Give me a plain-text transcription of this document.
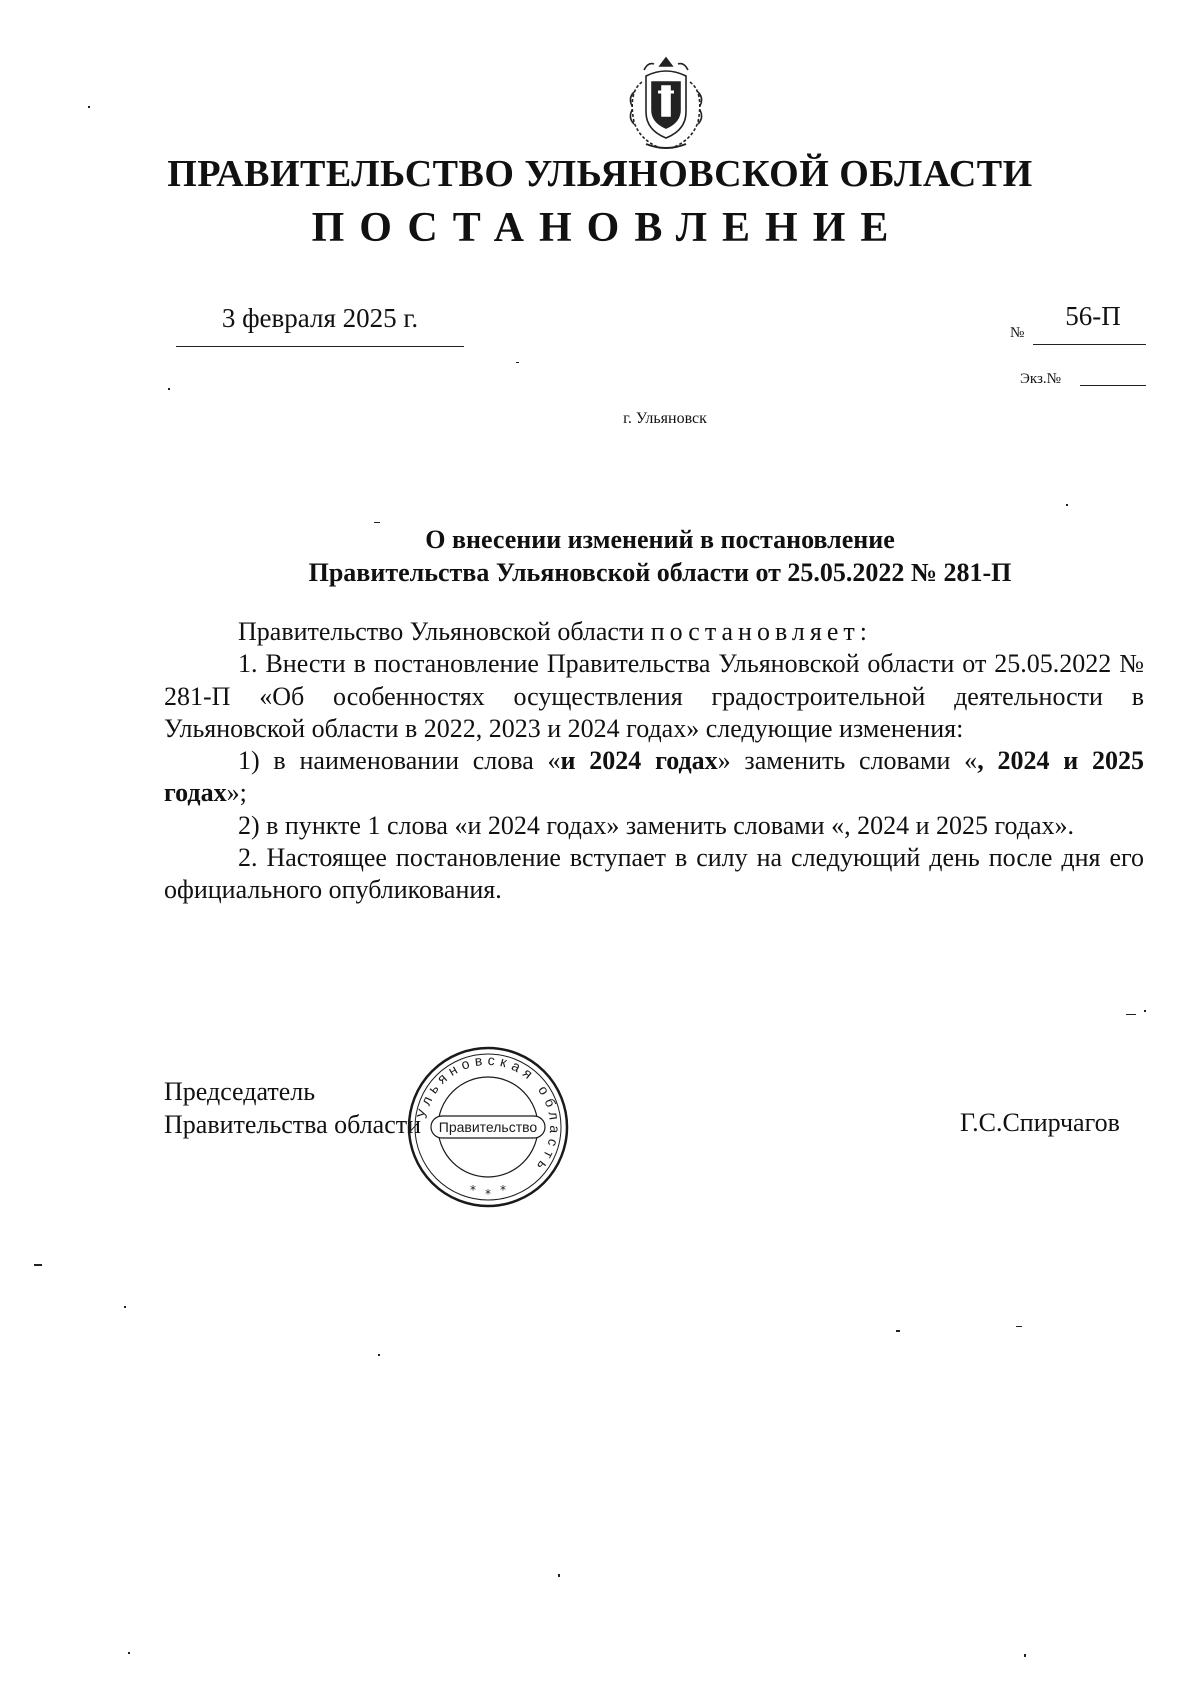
ПРАВИТЕЛЬСТВО УЛЬЯНОВСКОЙ ОБЛАСТИ
ПОСТАНОВЛЕНИЕ
3 февраля 2025 г.	№
56-П
Экз.№
г. Ульяновск
О внесении изменений в постановление
Правительства Ульяновской области от 25.05.2022 № 281-П

Правительство Ульяновской области постановляет:

1. Внести в постановление Правительства Ульяновской области от 25.05.2022 № 281-П «Об особенностях осуществления градостроительной деятельности в Ульяновской области в 2022, 2023 и 2024 годах» следующие изменения:

1) в наименовании слова «и 2024 годах» заменить словами «, 2024 и 2025 годах»;

2) в пункте 1 слова «и 2024 годах» заменить словами «, 2024 и 2025 годах».

2. Настоящее постановление вступает в силу на следующий день после дня его официального опубликования.

Председатель
Правительства области	Г.С.Спирчагов
Ульяновская область
Правительство
* * *
